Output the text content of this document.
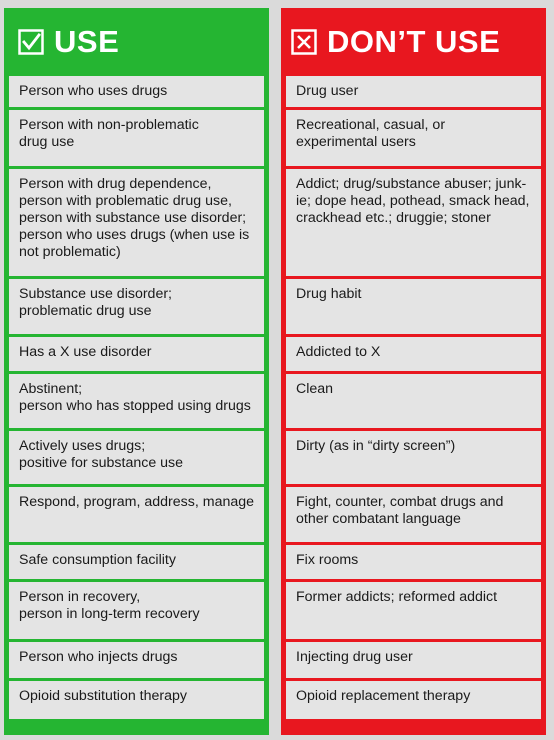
USE
Person who uses drugs
Person with non-problematic
drug use
Person with drug dependence,
person with problematic drug use,
person with substance use disorder;
person who uses drugs (when use is
not problematic)
Substance use disorder;
problematic drug use
Has a X use disorder
Abstinent;
person who has stopped using drugs
Actively uses drugs;
positive for substance use
Respond, program, address, manage
Safe consumption facility
Person in recovery,
person in long-term recovery
Person who injects drugs
Opioid substitution therapy
DON’T USE
Drug user
Recreational, casual, or
experimental users
Addict; drug/substance abuser; junk-
ie; dope head, pothead, smack head,
crackhead etc.; druggie; stoner
Drug habit
Addicted to X
Clean
Dirty (as in “dirty screen”)
Fight, counter, combat drugs and
other combatant language
Fix rooms
Former addicts; reformed addict
Injecting drug user
Opioid replacement therapy
